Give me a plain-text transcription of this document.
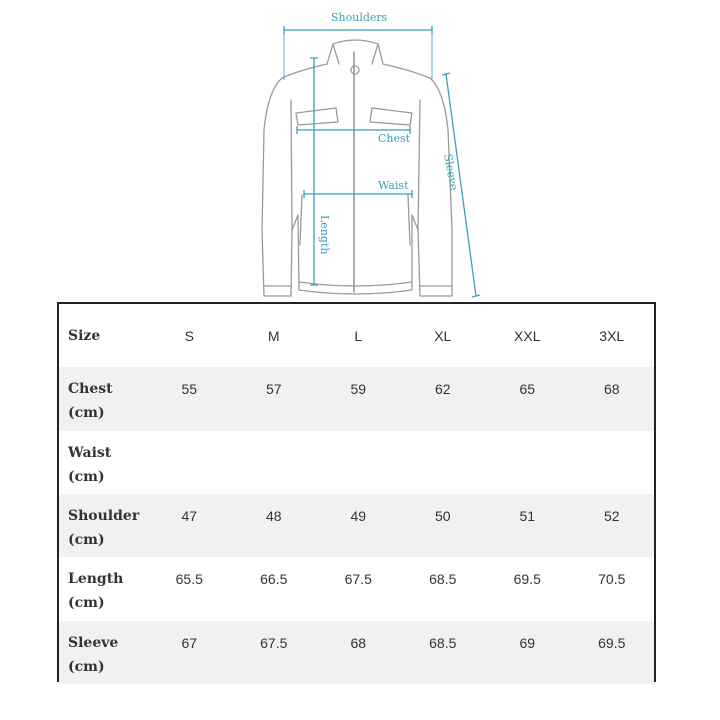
Shoulders
Chest
Waist	Sleeve
Length
Size	S	M	L	XL	XXL	3XL
Chest
(cm)	55	57	59	62	65	68
Waist
(cm)						
Shoulder
(cm)	47	48	49	50	51	52
Length
(cm)	65.5	66.5	67.5	68.5	69.5	70.5
Sleeve
(cm)	67	67.5	68	68.5	69	69.5
